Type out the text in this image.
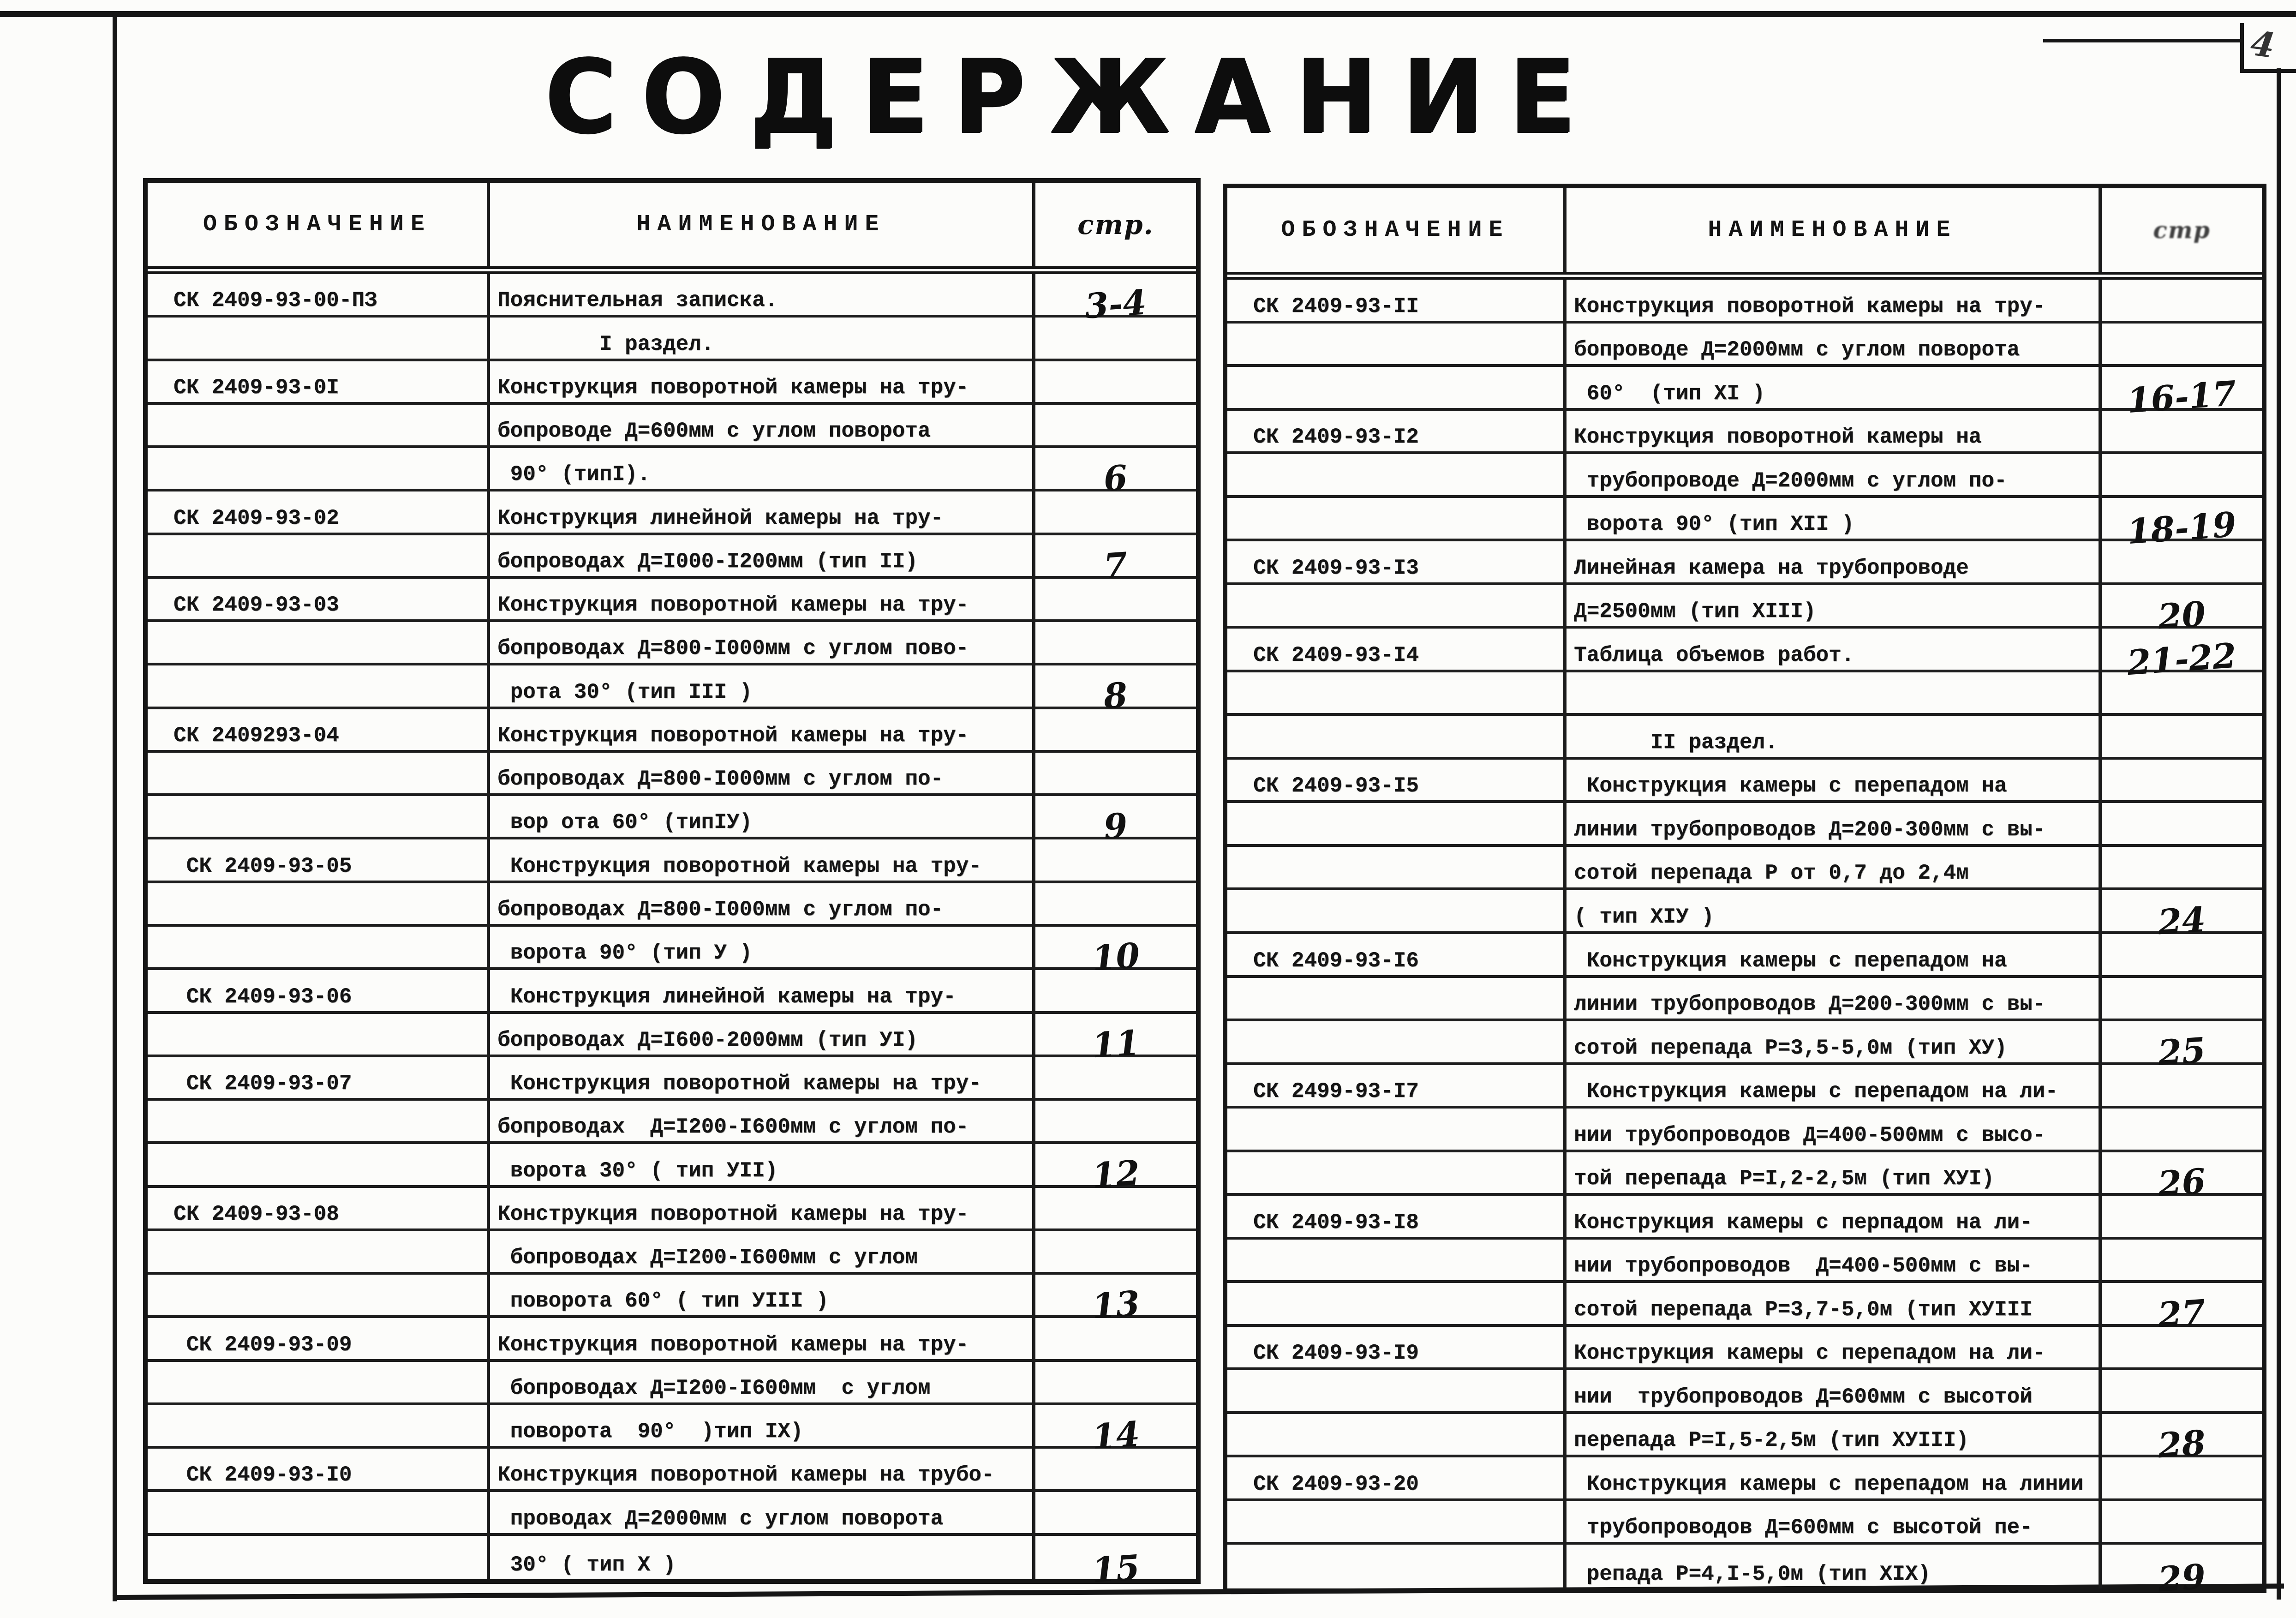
4
СОДЕРЖАНИЕ
ОБОЗНАЧЕНИЕ	НАИМЕНОВАНИЕ	стр.
СК 2409-93-00-ПЗ	Пояснительная записка.	3-4
I раздел.
СК 2409-93-0I	Конструкция поворотной камеры на тру-
бопроводе Д=600мм с углом поворота
90° (типI).	6
СК 2409-93-02	Конструкция линейной камеры на тру-
бопроводах Д=I000-I200мм (тип II)	7
СК 2409-93-03	Конструкция поворотной камеры на тру-
бопроводах Д=800-I000мм с углом пово-
рота 30° (тип III )	8
СК 2409293-04	Конструкция поворотной камеры на тру-
бопроводах Д=800-I000мм с углом по-
вор ота 60° (типIУ)	9
СК 2409-93-05	Конструкция поворотной камеры на тру-
бопроводах Д=800-I000мм с углом по-
ворота 90° (тип У )	10
СК 2409-93-06	Конструкция линейной камеры на тру-
бопроводах Д=I600-2000мм (тип УI)	11
СК 2409-93-07	Конструкция поворотной камеры на тру-
бопроводах  Д=I200-I600мм с углом по-
ворота 30° ( тип УII)	12
СК 2409-93-08	Конструкция поворотной камеры на тру-
бопроводах Д=I200-I600мм с углом
поворота 60° ( тип УIII )	13
СК 2409-93-09	Конструкция поворотной камеры на тру-
бопроводах Д=I200-I600мм  с углом
поворота  90°  )тип IX)	14
СК 2409-93-I0	Конструкция поворотной камеры на трубо-
проводах Д=2000мм с углом поворота
30° ( тип X )	15
ОБОЗНАЧЕНИЕ	НАИМЕНОВАНИЕ	стр
СК 2409-93-II	Конструкция поворотной камеры на тру-
бопроводе Д=2000мм с углом поворота
60°  (тип XI )	16-17
СК 2409-93-I2	Конструкция поворотной камеры на
трубопроводе Д=2000мм с углом по-
ворота 90° (тип XII )	18-19
СК 2409-93-I3	Линейная камера на трубопроводе
Д=2500мм (тип XIII)	20
СК 2409-93-I4	Таблица объемов работ.	21-22
II раздел.
СК 2409-93-I5	Конструкция камеры с перепадом на
линии трубопроводов Д=200-300мм с вы-
сотой перепада Р от 0,7 до 2,4м
( тип XIУ )	24
СК 2409-93-I6	Конструкция камеры с перепадом на
линии трубопроводов Д=200-300мм с вы-
сотой перепада Р=3,5-5,0м (тип XУ)	25
СК 2499-93-I7	Конструкция камеры с перепадом на ли-
нии трубопроводов Д=400-500мм с высо-
той перепада Р=I,2-2,5м (тип XУI)	26
СК 2409-93-I8	Конструкция камеры с перпадом на ли-
нии трубопроводов  Д=400-500мм с вы-
сотой перепада Р=3,7-5,0м (тип XУIII	27
СК 2409-93-I9	Конструкция камеры с перепадом на ли-
нии  трубопроводов Д=600мм с высотой
перепада Р=I,5-2,5м (тип XУIII)	28
СК 2409-93-20	Конструкция камеры с перепадом на линии
трубопроводов Д=600мм с высотой пе-
репада Р=4,I-5,0м (тип XIX)	29
